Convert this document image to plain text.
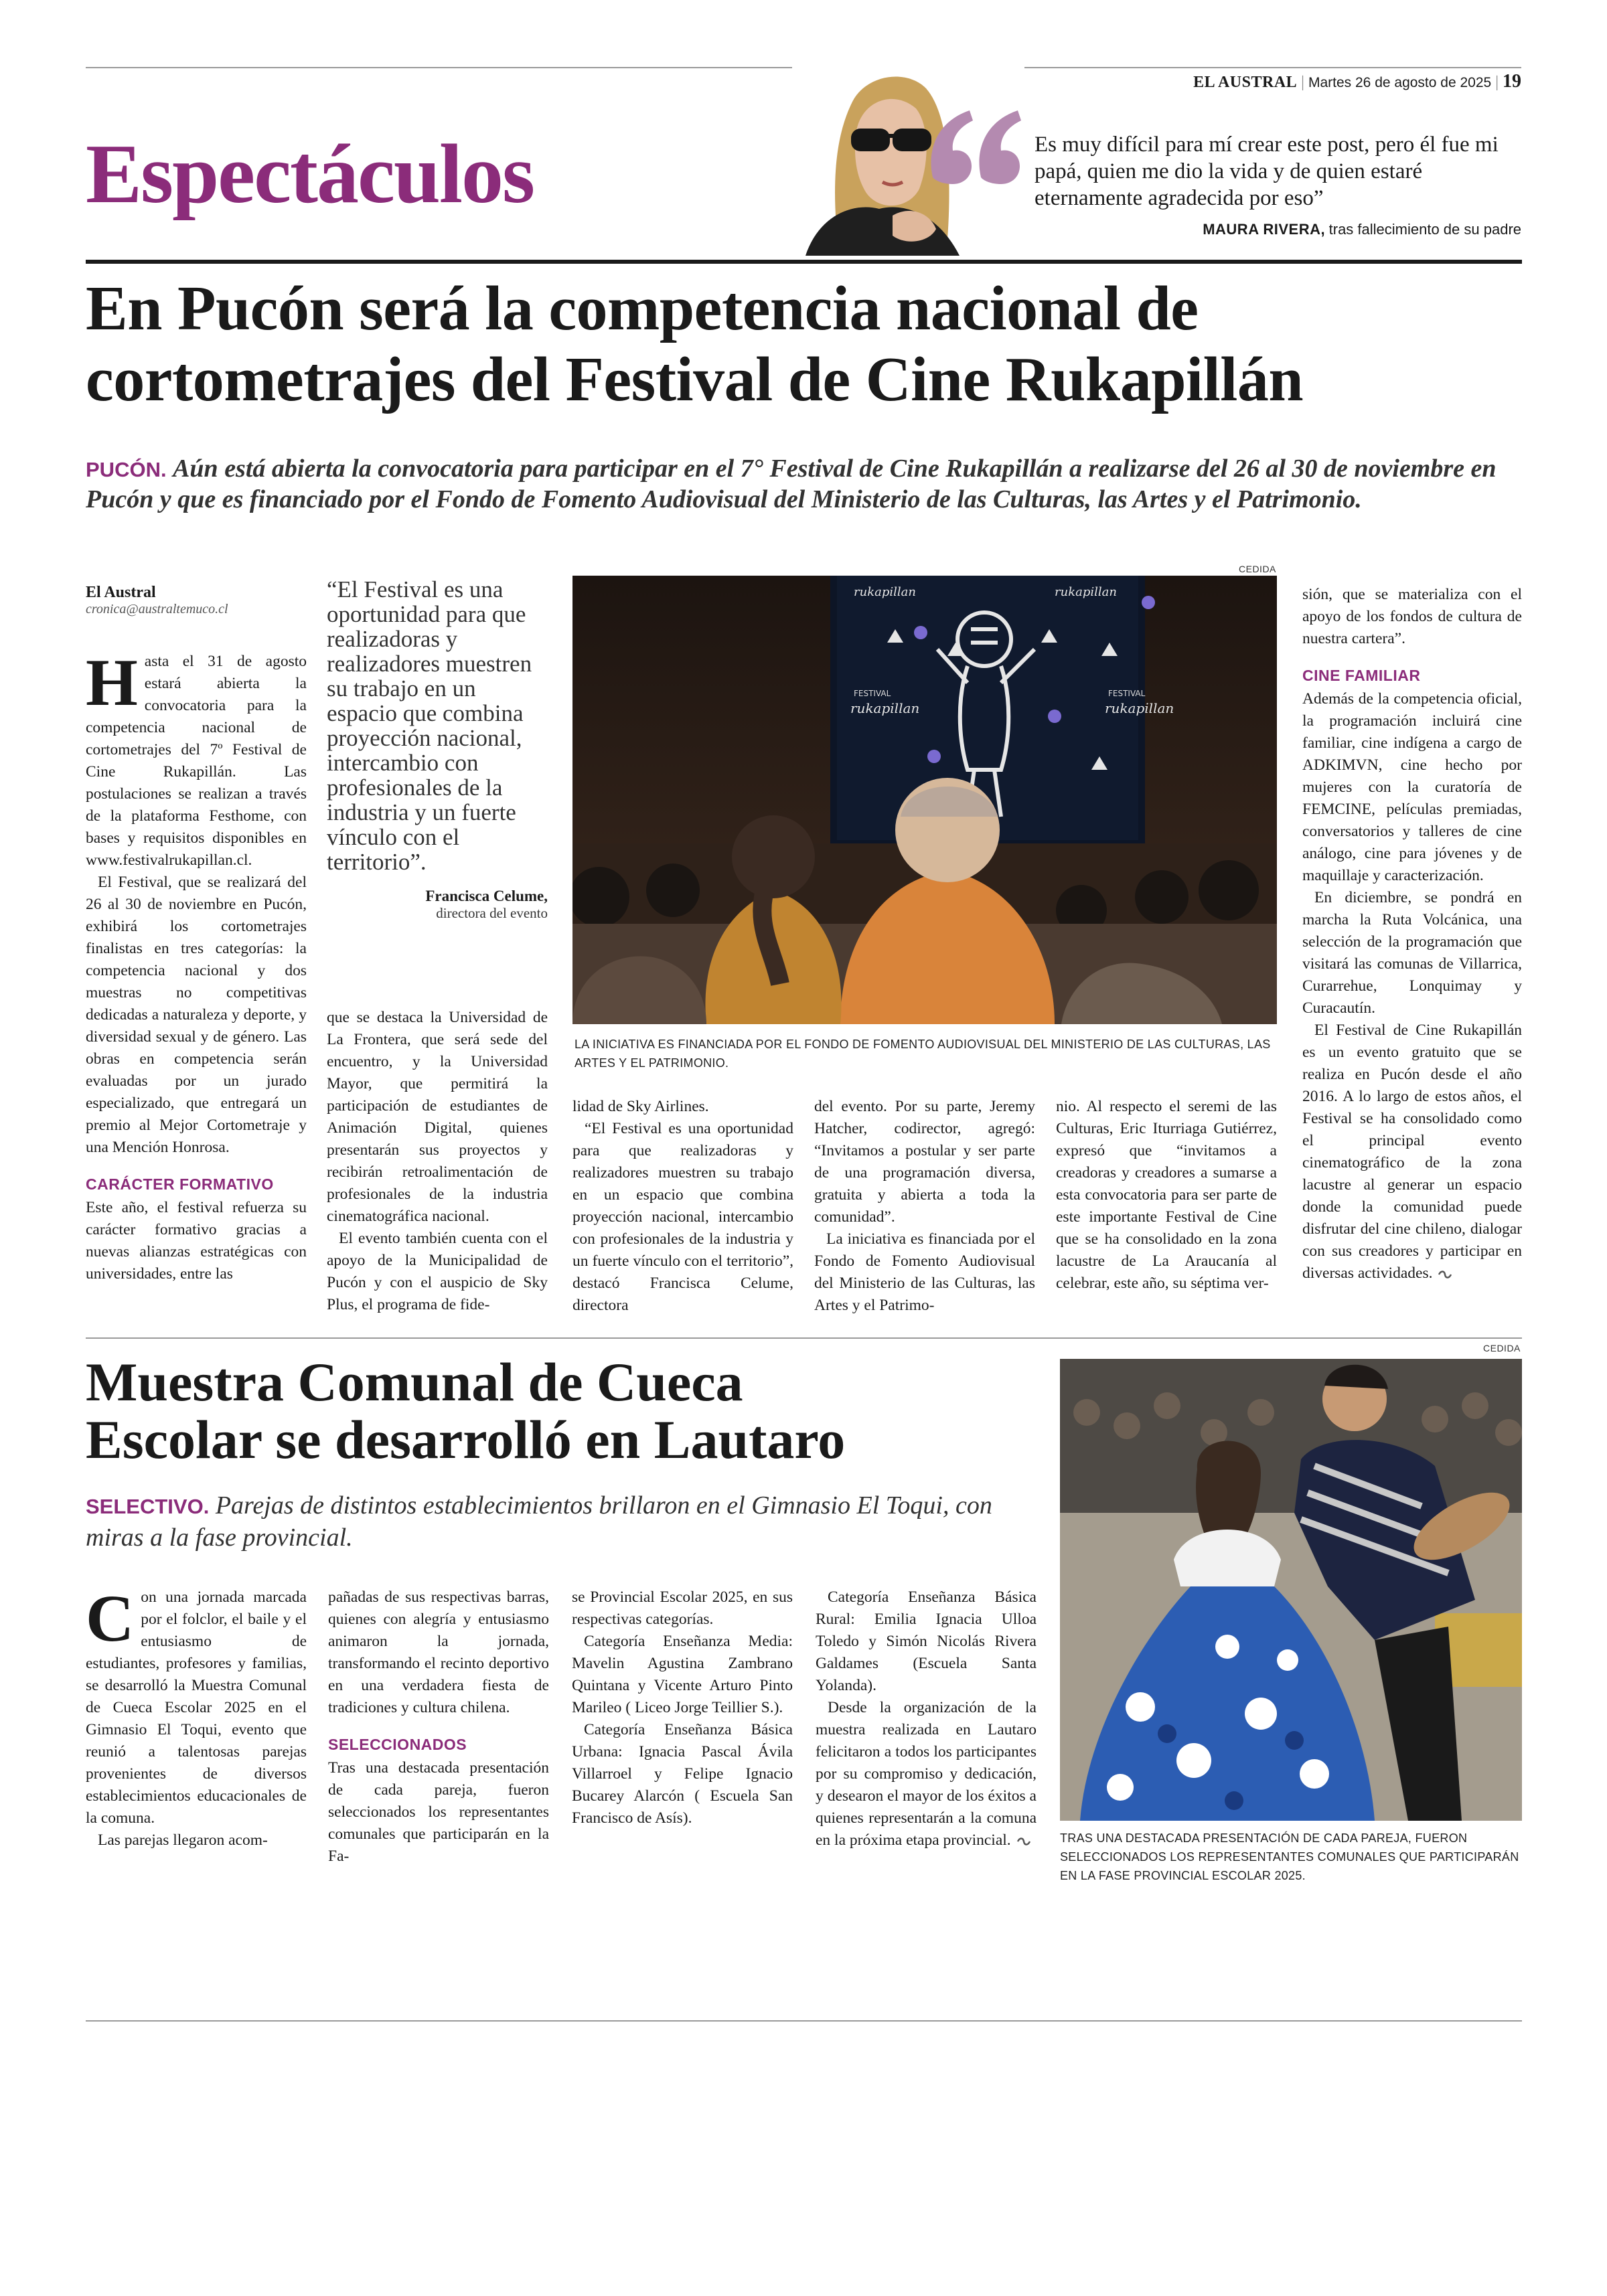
EL AUSTRAL | Martes 26 de agosto de 2025 | 19
Espectáculos	Es muy difícil para mí crear este post, pero él fue mi papá, quien me dio la vida y de quien estaré eternamente agradecida por eso”
MAURA RIVERA, tras fallecimiento de su padre
En Pucón será la competencia nacional de cortometrajes del Festival de Cine Rukapillán
PUCÓN. Aún está abierta la convocatoria para participar en el 7° Festival de Cine Rukapillán a realizarse del 26 al 30 de noviembre en Pucón y que es financiado por el Fondo de Fomento Audiovisual del Ministerio de las Culturas, las Artes y el Patrimonio.
El Austral
cronica@australtemuco.cl

Hasta el 31 de agosto estará abierta la convocatoria para la competencia nacional de cortometrajes del 7º Festival de Cine Rukapillán. Las postulaciones se realizan a través de la plataforma Festhome, con bases y requisitos disponibles en www.festivalrukapillan.cl.

El Festival, que se realizará del 26 al 30 de noviembre en Pucón, exhibirá los cortometrajes finalistas en tres categorías: la competencia nacional y dos muestras no competitivas dedicadas a naturaleza y deporte, y diversidad sexual y de género. Las obras en competencia serán evaluadas por un jurado especializado, que entregará un premio al Mejor Cortometraje y una Mención Honrosa.

CARÁCTER FORMATIVO

Este año, el festival refuerza su carácter formativo gracias a nuevas alianzas estratégicas con universidades, entre las

“El Festival es una oportunidad para que realizadoras y realizadores muestren su trabajo en un espacio que combina proyección nacional, intercambio con profesionales de la industria y un fuerte vínculo con el territorio”.
Francisca Celume,
directora del evento

que se destaca la Universidad de La Frontera, que será sede del encuentro, y la Universidad Mayor, que permitirá la participación de estudiantes de Animación Digital, quienes presentarán sus proyectos y recibirán retroalimentación de profesionales de la industria cinematográfica nacional.

El evento también cuenta con el apoyo de la Municipalidad de Pucón y con el auspicio de Sky Plus, el programa de fide-

CEDIDA
rukapillan	rukapillan
FESTIVAL
rukapillan
FESTIVAL
rukapillan
LA INICIATIVA ES FINANCIADA POR EL FONDO DE FOMENTO AUDIOVISUAL DEL MINISTERIO DE LAS CULTURAS, LAS ARTES Y EL PATRIMONIO.

lidad de Sky Airlines.

“El Festival es una oportunidad para que realizadoras y realizadores muestren su trabajo en un espacio que combina proyección nacional, intercambio con profesionales de la industria y un fuerte vínculo con el territorio”, destacó Francisca Celume, directora

del evento. Por su parte, Jeremy Hatcher, codirector, agregó: “Invitamos a postular y ser parte de una programación diversa, gratuita y abierta a toda la comunidad”.

La iniciativa es financiada por el Fondo de Fomento Audiovisual del Ministerio de las Culturas, las Artes y el Patrimo-

nio. Al respecto el seremi de las Culturas, Eric Iturriaga Gutiérrez, expresó que “invitamos a creadoras y creadores a sumarse a esta convocatoria para ser parte de este importante Festival de Cine que se ha consolidado en la zona lacustre de La Araucanía al celebrar, este año, su séptima ver-

sión, que se materializa con el apoyo de los fondos de cultura de nuestra cartera”.

CINE FAMILIAR

Además de la competencia oficial, la programación incluirá cine familiar, cine indígena a cargo de ADKIMVN, cine hecho por mujeres con la curatoría de FEMCINE, películas premiadas, conversatorios y talleres de cine análogo, cine para jóvenes y de maquillaje y caracterización.

En diciembre, se pondrá en marcha la Ruta Volcánica, una selección de la programación que visitará las comunas de Villarrica, Curarrehue, Lonquimay y Curacautín.

El Festival de Cine Rukapillán es un evento gratuito que se realiza en Pucón desde el año 2016. A lo largo de estos años, el Festival se ha consolidado como el principal evento cinematográfico de la zona lacustre al generar un espacio donde la comunidad puede disfrutar del cine chileno, dialogar con sus creadores y participar en diversas actividades.

Muestra Comunal de Cueca Escolar se desarrolló en Lautaro
SELECTIVO. Parejas de distintos establecimientos brillaron en el Gimnasio El Toqui, con miras a la fase provincial.

Con una jornada marcada por el folclor, el baile y el entusiasmo de estudiantes, profesores y familias, se desarrolló la Muestra Comunal de Cueca Escolar 2025 en el Gimnasio El Toqui, evento que reunió a talentosas parejas provenientes de diversos establecimientos educacionales de la comuna.

Las parejas llegaron acom-

pañadas de sus respectivas barras, quienes con alegría y entusiasmo animaron la jornada, transformando el recinto deportivo en una verdadera fiesta de tradiciones y cultura chilena.

SELECCIONADOS

Tras una destacada presentación de cada pareja, fueron seleccionados los representantes comunales que participarán en la Fa-

se Provincial Escolar 2025, en sus respectivas categorías.

Categoría Enseñanza Media: Mavelin Agustina Zambrano Quintana y Vicente Arturo Pinto Marileo ( Liceo Jorge Teillier S.).

Categoría Enseñanza Básica Urbana: Ignacia Pascal Ávila Villarroel y Felipe Ignacio Bucarey Alarcón ( Escuela San Francisco de Asís).

Categoría Enseñanza Básica Rural: Emilia Ignacia Ulloa Toledo y Simón Nicolás Rivera Galdames (Escuela Santa Yolanda).

Desde la organización de la muestra realizada en Lautaro felicitaron a todos los participantes por su compromiso y dedicación, y desearon el mayor de los éxitos a quienes representarán a la comuna en la próxima etapa provincial.

CEDIDA
TRAS UNA DESTACADA PRESENTACIÓN DE CADA PAREJA, FUERON SELECCIONADOS LOS REPRESENTANTES COMUNALES QUE PARTICIPARÁN EN LA FASE PROVINCIAL ESCOLAR 2025.
